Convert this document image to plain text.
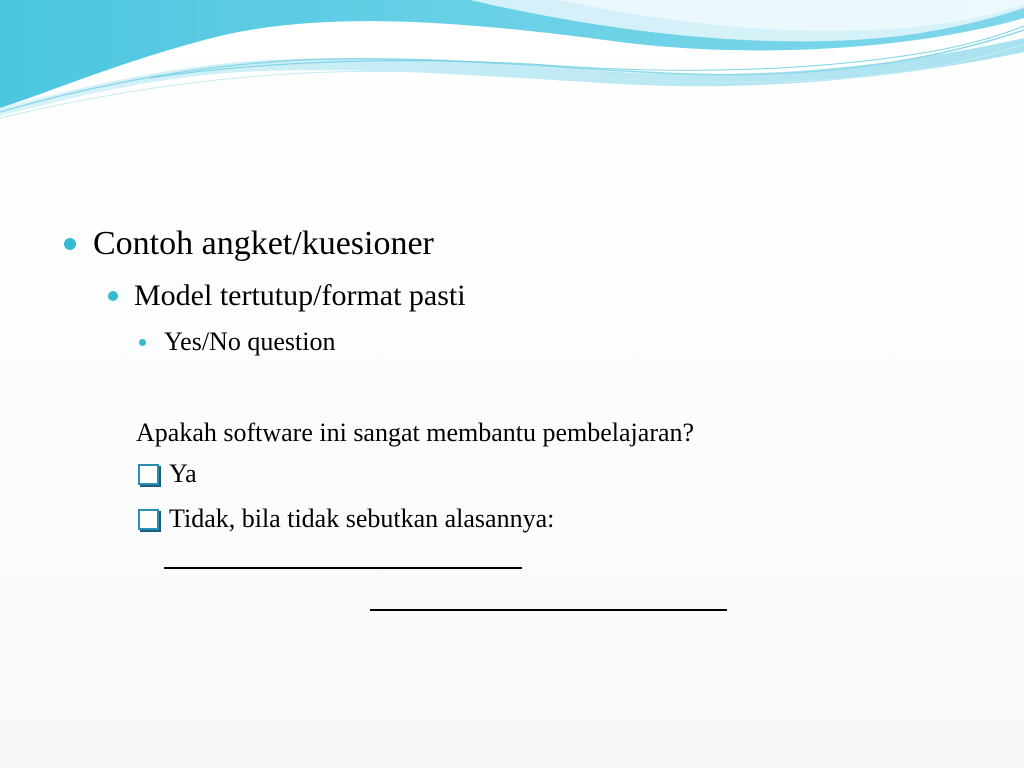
Contoh angket/kuesioner
Model tertutup/format pasti
Yes/No question
Apakah software ini sangat membantu pembelajaran?
Ya
Tidak, bila tidak sebutkan alasannya:
